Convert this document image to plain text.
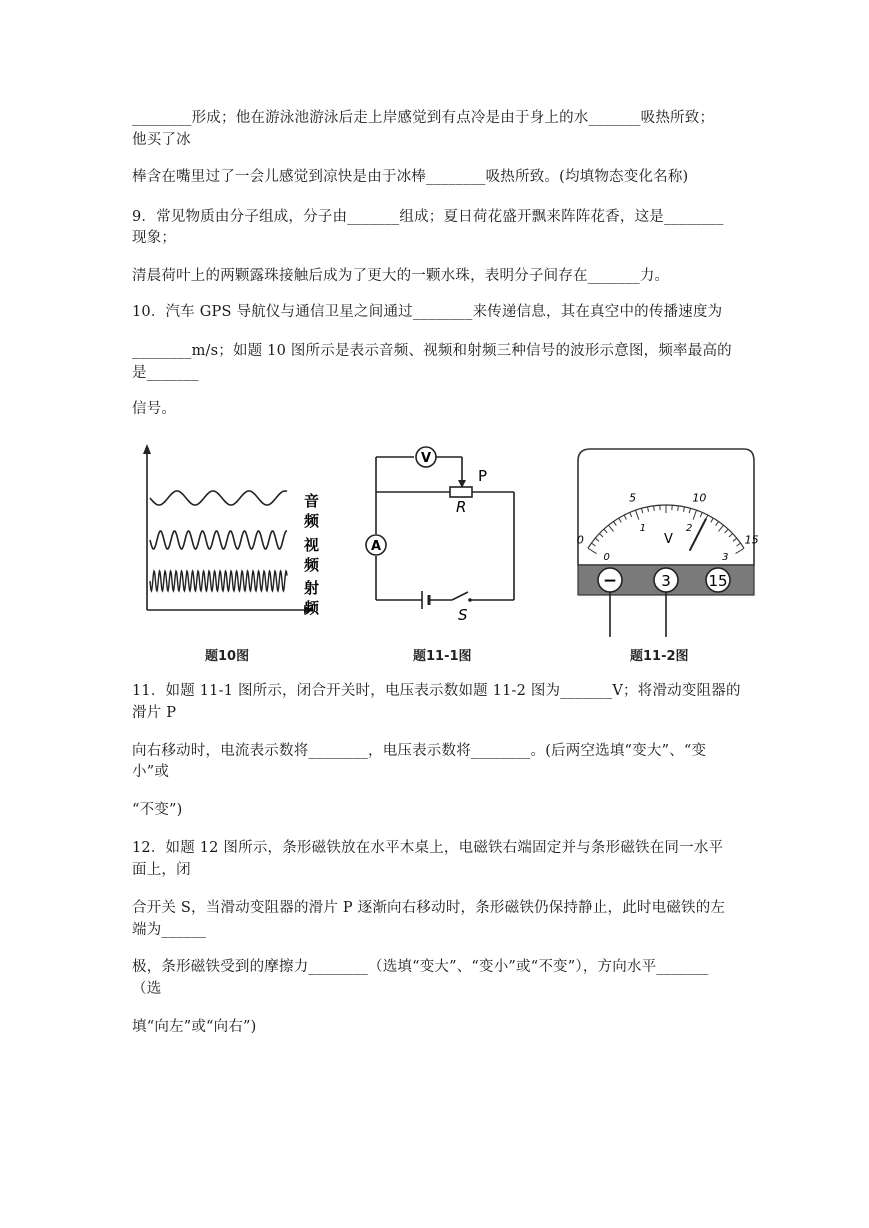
________形成；他在游泳池游泳后走上岸感觉到有点冷是由于身上的水_______吸热所致；
他买了冰
棒含在嘴里过了一会儿感觉到凉快是由于冰棒________吸热所致。(均填物态变化名称)
9．常见物质由分子组成，分子由_______组成；夏日荷花盛开飘来阵阵花香，这是________
现象；
清晨荷叶上的两颗露珠接触后成为了更大的一颗水珠，表明分子间存在_______力。
10．汽车 GPS 导航仪与通信卫星之间通过________来传递信息，其在真空中的传播速度为
________m/s；如题 10 图所示是表示音频、视频和射频三种信号的波形示意图，频率最高的
是_______
信号。
11．如题 11-1 图所示，闭合开关时，电压表示数如题 11-2 图为_______V；将滑动变阻器的
滑片 P
向右移动时，电流表示数将________，电压表示数将________。(后两空选填“变大”、“变
小”或
“不变”)
12．如题 12 图所示，条形磁铁放在水平木桌上，电磁铁右端固定并与条形磁铁在同一水平
面上，闭
合开关 S，当滑动变阻器的滑片 P 逐渐向右移动时，条形磁铁仍保持静止，此时电磁铁的左
端为______
极，条形磁铁受到的摩擦力________（选填“变大”、“变小”或“不变”），方向水平_______
（选
填“向左”或“向右”)
音
频
视
频
射
频
题10图
V
P
A
R
S
题11-1图
0
5	10
15
0
1	2
3
V
−	3	15
题11-2图
